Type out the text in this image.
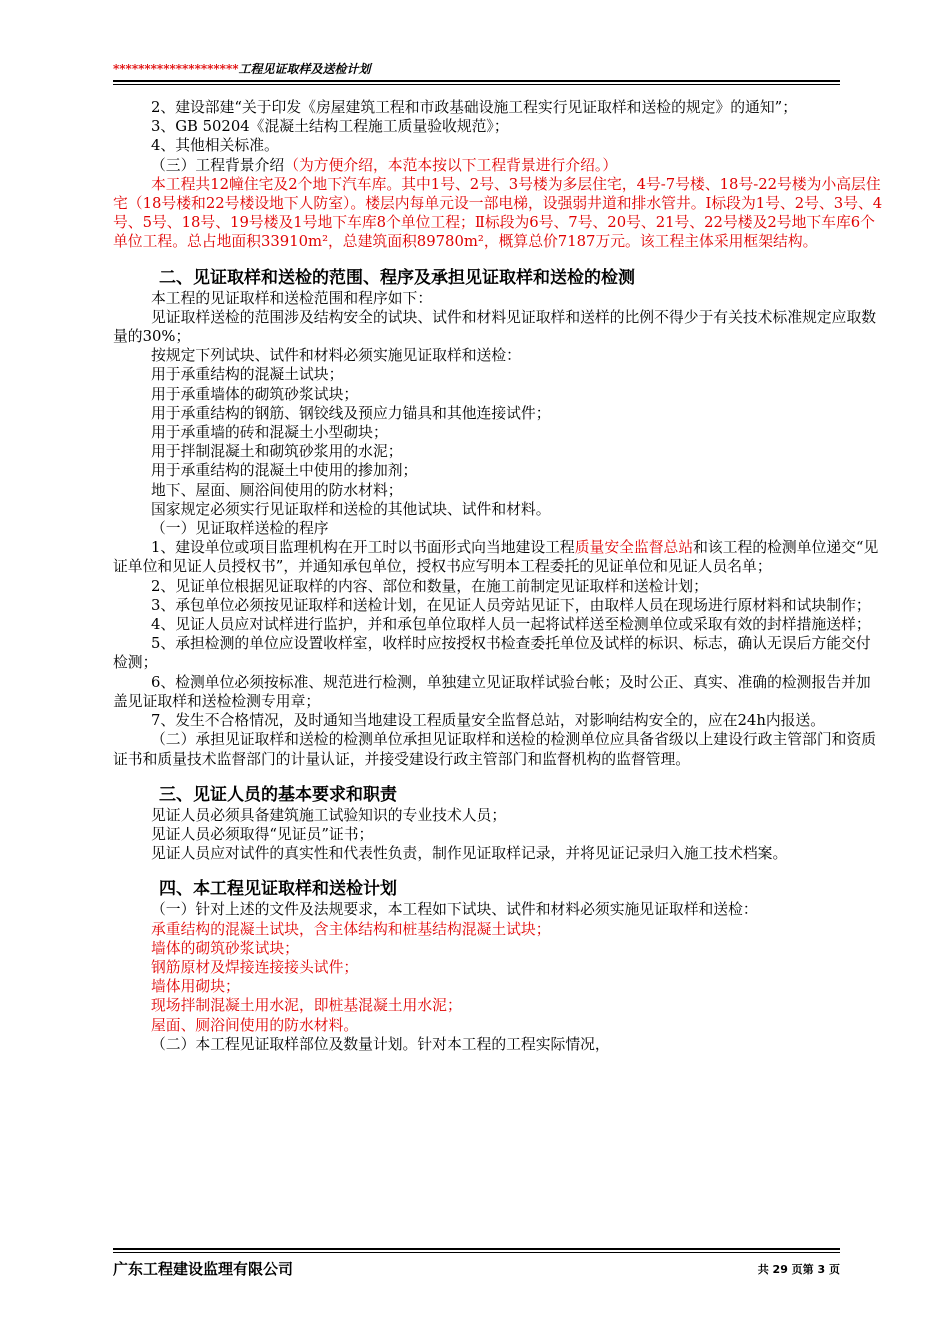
********************工程见证取样及送检计划

2、建设部建“关于印发《房屋建筑工程和市政基础设施工程实行见证取样和送检的规定》的通知”；

3、GB 50204《混凝土结构工程施工质量验收规范》；

4、其他相关标准。

（三）工程背景介绍（为方便介绍，本范本按以下工程背景进行介绍。）

本工程共12幢住宅及2个地下汽车库。其中1号、2号、3号楼为多层住宅，4号-7号楼、18号-22号楼为小高层住宅（18号楼和22号楼设地下人防室）。楼层内每单元设一部电梯，设强弱井道和排水管井。Ⅰ标段为1号、2号、3号、4号、5号、18号、19号楼及1号地下车库8个单位工程；Ⅱ标段为6号、7号、20号、21号、22号楼及2号地下车库6个单位工程。总占地面积33910m²，总建筑面积89780m²，概算总价7187万元。该工程主体采用框架结构。

二、见证取样和送检的范围、程序及承担见证取样和送检的检测

本工程的见证取样和送检范围和程序如下：

见证取样送检的范围涉及结构安全的试块、试件和材料见证取样和送样的比例不得少于有关技术标准规定应取数量的30%；

按规定下列试块、试件和材料必须实施见证取样和送检：

用于承重结构的混凝土试块；

用于承重墙体的砌筑砂浆试块；

用于承重结构的钢筋、钢铰线及预应力锚具和其他连接试件；

用于承重墙的砖和混凝土小型砌块；

用于拌制混凝土和砌筑砂浆用的水泥；

用于承重结构的混凝土中使用的掺加剂；

地下、屋面、厕浴间使用的防水材料；

国家规定必须实行见证取样和送检的其他试块、试件和材料。

（一）见证取样送检的程序

1、建设单位或项目监理机构在开工时以书面形式向当地建设工程质量安全监督总站和该工程的检测单位递交“见证单位和见证人员授权书”，并通知承包单位，授权书应写明本工程委托的见证单位和见证人员名单；

2、见证单位根据见证取样的内容、部位和数量，在施工前制定见证取样和送检计划；

3、承包单位必须按见证取样和送检计划，在见证人员旁站见证下，由取样人员在现场进行原材料和试块制作；

4、见证人员应对试样进行监护，并和承包单位取样人员一起将试样送至检测单位或采取有效的封样措施送样；

5、承担检测的单位应设置收样室，收样时应按授权书检查委托单位及试样的标识、标志，确认无误后方能交付检测；

6、检测单位必须按标准、规范进行检测，单独建立见证取样试验台帐；及时公正、真实、准确的检测报告并加盖见证取样和送检检测专用章；

7、发生不合格情况，及时通知当地建设工程质量安全监督总站，对影响结构安全的，应在24h内报送。

（二）承担见证取样和送检的检测单位承担见证取样和送检的检测单位应具备省级以上建设行政主管部门和资质证书和质量技术监督部门的计量认证，并接受建设行政主管部门和监督机构的监督管理。

三、见证人员的基本要求和职责

见证人员必须具备建筑施工试验知识的专业技术人员；

见证人员必须取得“见证员”证书；

见证人员应对试件的真实性和代表性负责，制作见证取样记录，并将见证记录归入施工技术档案。

四、本工程见证取样和送检计划

（一）针对上述的文件及法规要求，本工程如下试块、试件和材料必须实施见证取样和送检：

承重结构的混凝土试块，含主体结构和桩基结构混凝土试块；

墙体的砌筑砂浆试块；

钢筋原材及焊接连接接头试件；

墙体用砌块；

现场拌制混凝土用水泥，即桩基混凝土用水泥；

屋面、厕浴间使用的防水材料。

（二）本工程见证取样部位及数量计划。针对本工程的工程实际情况，

广东工程建设监理有限公司	共 29 页第 3 页
